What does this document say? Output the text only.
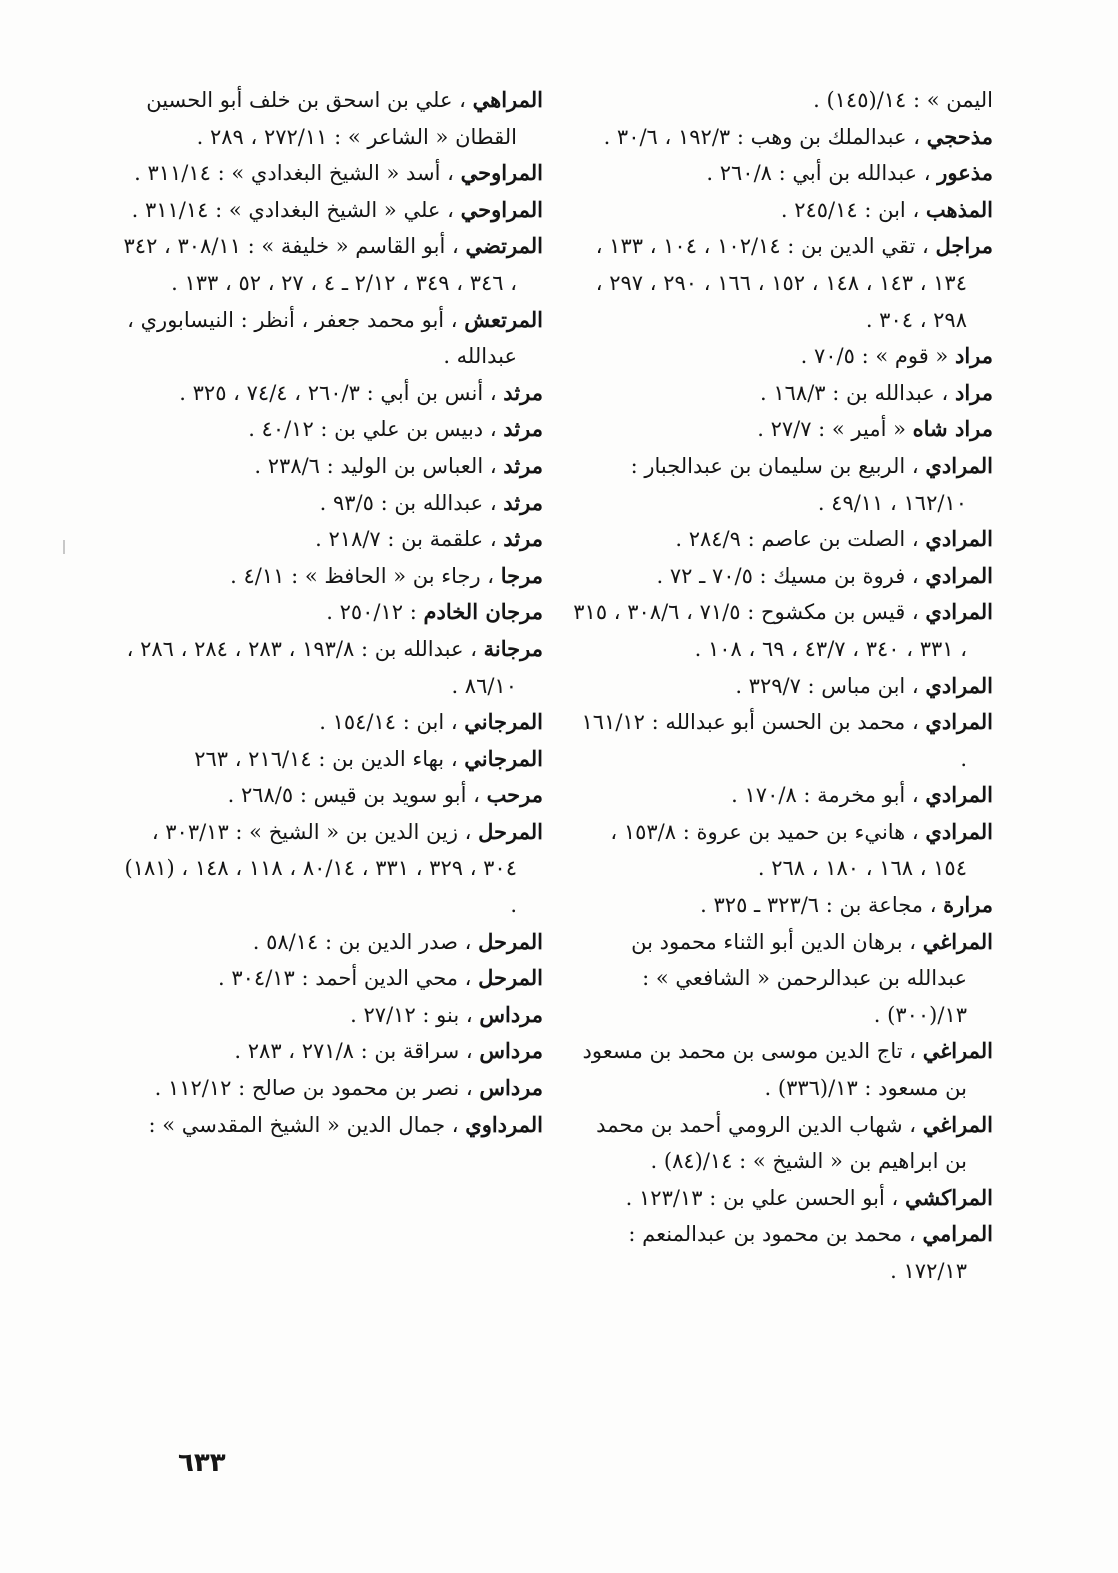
اليمن » : ١٤/(١٤٥) .

مذحجي ، عبدالملك بن وهب : ١٩٢/٣ ، ٣٠/٦ .

مذعور ، عبدالله بن أبي : ٢٦٠/٨ .

المذهب ، ابن : ٢٤٥/١٤ .

مراجل ، تقي الدين بن : ١٠٢/١٤ ، ١٠٤ ، ١٣٣ ، ١٣٤ ، ١٤٣ ، ١٤٨ ، ١٥٢ ، ١٦٦ ، ٢٩٠ ، ٢٩٧ ، ٢٩٨ ، ٣٠٤ .

مراد « قوم » : ٧٠/٥ .

مراد ، عبدالله بن : ١٦٨/٣ .

مراد شاه « أمير » : ٢٧/٧ .

المرادي ، الربيع بن سليمان بن عبدالجبار : ١٦٢/١٠ ، ٤٩/١١ .

المرادي ، الصلت بن عاصم : ٢٨٤/٩ .

المرادي ، فروة بن مسيك : ٧٠/٥ ـ ٧٢ .

المرادي ، قيس بن مكشوح : ٧١/٥ ، ٣٠٨/٦ ، ٣١٥ ، ٣٣١ ، ٣٤٠ ، ٤٣/٧ ، ٦٩ ، ١٠٨ .

المرادي ، ابن مباس : ٣٢٩/٧ .

المرادي ، محمد بن الحسن أبو عبدالله : ١٦١/١٢ .

المرادي ، أبو مخرمة : ١٧٠/٨ .

المرادي ، هانيء بن حميد بن عروة : ١٥٣/٨ ، ١٥٤ ، ١٦٨ ، ١٨٠ ، ٢٦٨ .

مرارة ، مجاعة بن : ٣٢٣/٦ ـ ٣٢٥ .

المراغي ، برهان الدين أبو الثناء محمود بن عبدالله بن عبدالرحمن « الشافعي » : ١٣/(٣٠٠) .

المراغي ، تاج الدين موسى بن محمد بن مسعود بن مسعود : ١٣/(٣٣٦) .

المراغي ، شهاب الدين الرومي أحمد بن محمد بن ابراهيم بن « الشيخ » : ١٤/(٨٤) .

المراكشي ، أبو الحسن علي بن : ١٢٣/١٣ .

المرامي ، محمد بن محمود بن عبدالمنعم : ١٧٢/١٣ .

المراهي ، علي بن اسحق بن خلف أبو الحسين القطان « الشاعر » : ٢٧٢/١١ ، ٢٨٩ .

المراوحي ، أسد « الشيخ البغدادي » : ٣١١/١٤ .

المراوحي ، علي « الشيخ البغدادي » : ٣١١/١٤ .

المرتضي ، أبو القاسم « خليفة » : ٣٠٨/١١ ، ٣٤٢ ، ٣٤٦ ، ٣٤٩ ، ٢/١٢ ـ ٤ ، ٢٧ ، ٥٢ ، ١٣٣ .

المرتعش ، أبو محمد جعفر ، أنظر : النيسابوري ، عبدالله .

مرثد ، أنس بن أبي : ٢٦٠/٣ ، ٧٤/٤ ، ٣٢٥ .

مرثد ، دبيس بن علي بن : ٤٠/١٢ .

مرثد ، العباس بن الوليد : ٢٣٨/٦ .

مرثد ، عبدالله بن : ٩٣/٥ .

مرثد ، علقمة بن : ٢١٨/٧ .

مرجا ، رجاء بن « الحافظ » : ٤/١١ .

مرجان الخادم : ٢٥٠/١٢ .

مرجانة ، عبدالله بن : ١٩٣/٨ ، ٢٨٣ ، ٢٨٤ ، ٢٨٦ ، ٨٦/١٠ .

المرجاني ، ابن : ١٥٤/١٤ .

المرجاني ، بهاء الدين بن : ٢١٦/١٤ ، ٢٦٣

مرحب ، أبو سويد بن قيس : ٢٦٨/٥ .

المرحل ، زين الدين بن « الشيخ » : ٣٠٣/١٣ ، ٣٠٤ ، ٣٢٩ ، ٣٣١ ، ٨٠/١٤ ، ١١٨ ، ١٤٨ ، (١٨١) .

المرحل ، صدر الدين بن : ٥٨/١٤ .

المرحل ، محي الدين أحمد : ٣٠٤/١٣ .

مرداس ، بنو : ٢٧/١٢ .

مرداس ، سراقة بن : ٢٧١/٨ ، ٢٨٣ .

مرداس ، نصر بن محمود بن صالح : ١١٢/١٢ .

المرداوي ، جمال الدين « الشيخ المقدسي » :

٦٣٣
